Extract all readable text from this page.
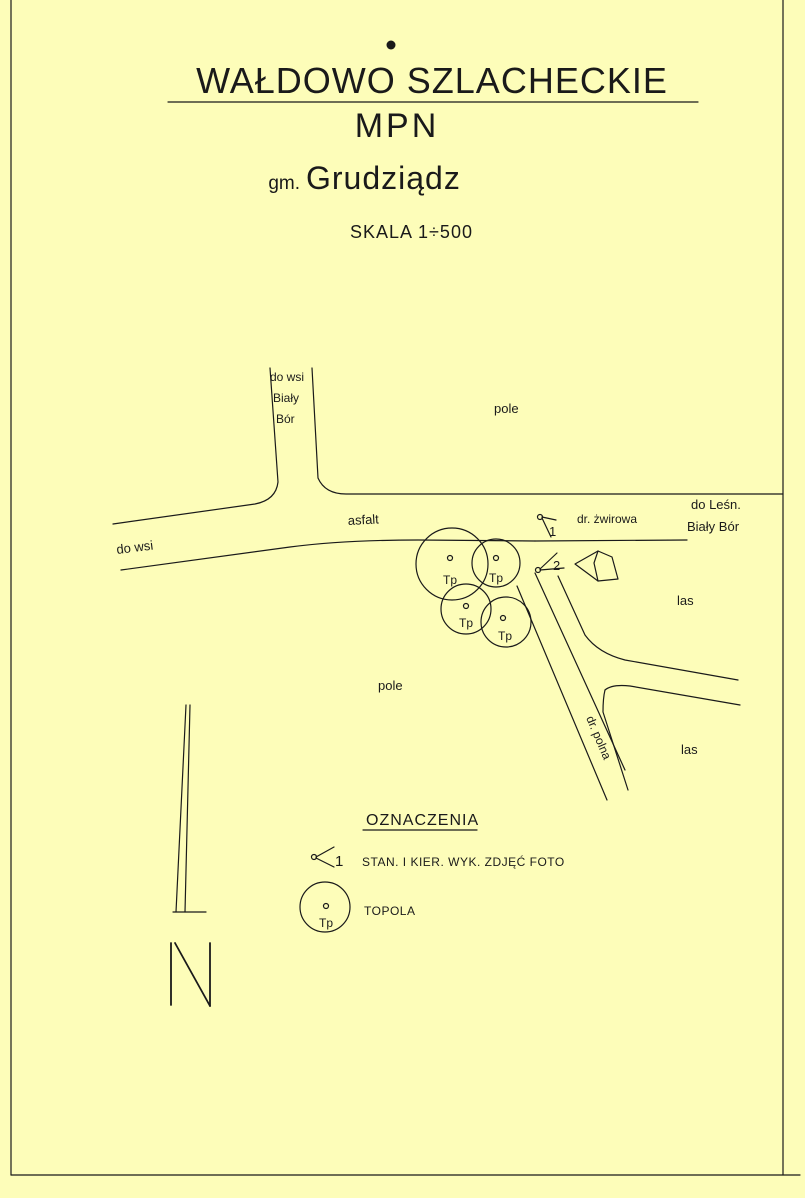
WAŁDOWO SZLACHECKIE
MPN
gm. Grudziądz
SKALA 1÷500
Tp	Tp
Tp
Tp
1
2
do wsi
Biały
Bór
pole
do Leśn.
Biały Bór
asfalt	dr. żwirowa
do wsi
las
las
pole
dr. polna
OZNACZENIA
1 STAN. I KIER. WYK. ZDJĘĆ FOTO
Tp
TOPOLA
